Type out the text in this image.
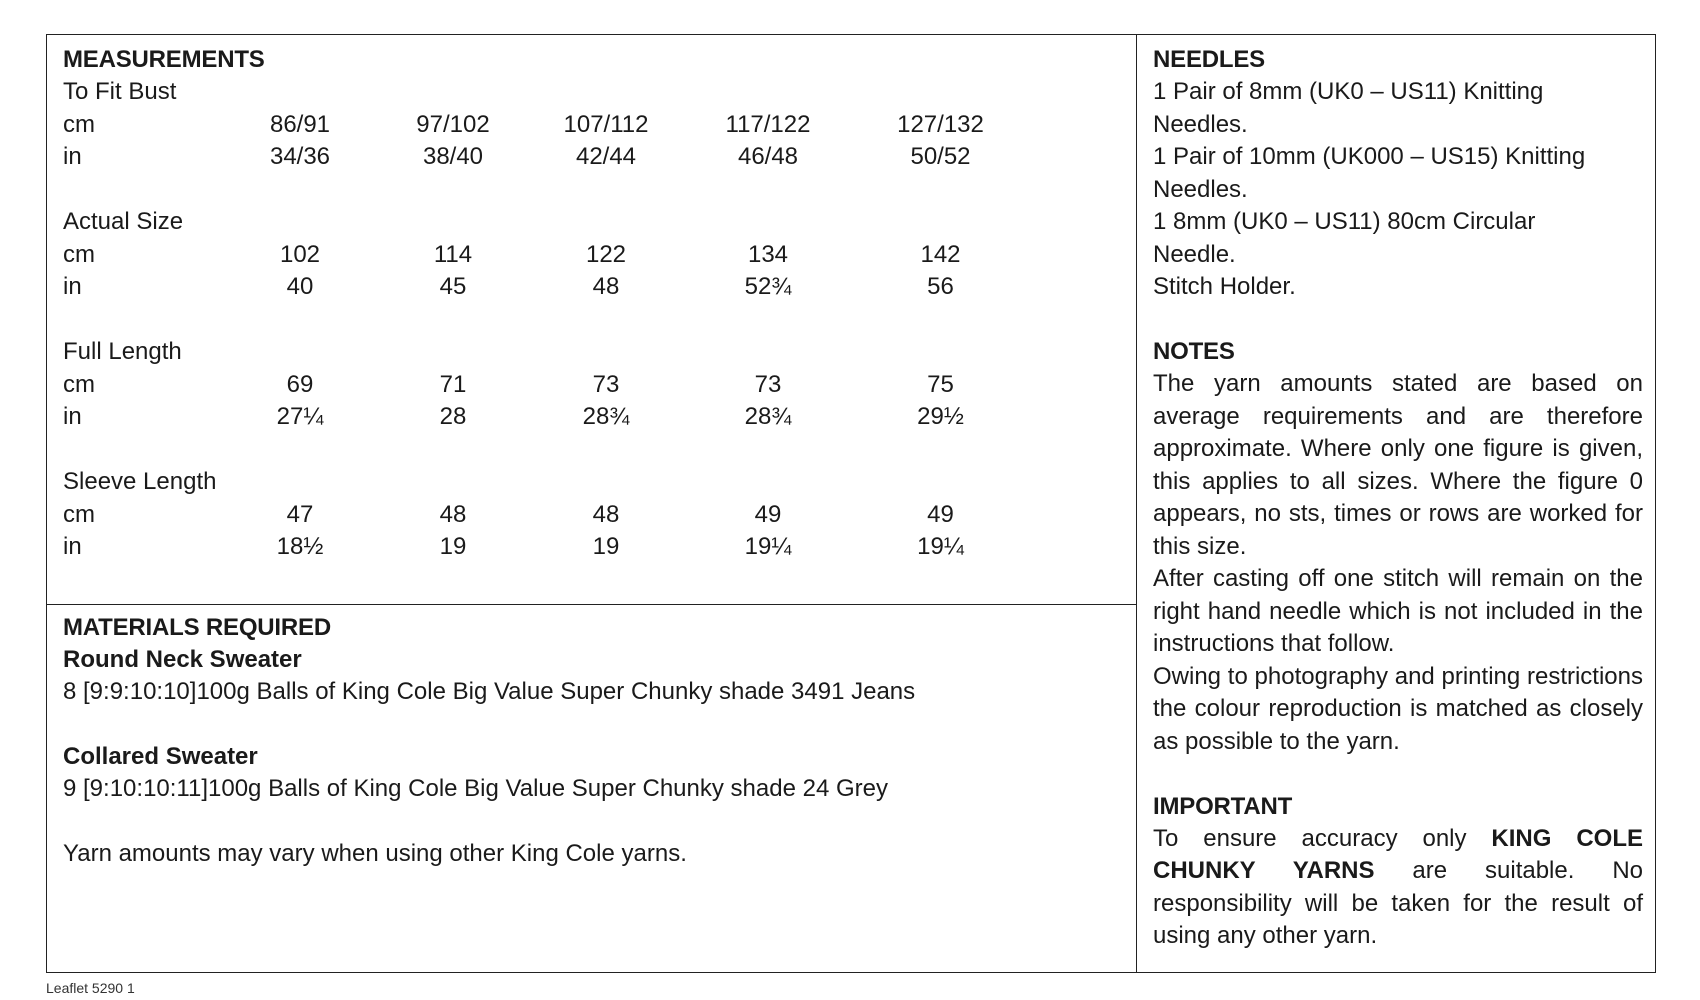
MEASUREMENTS
To Fit Bust
cm	86/91	97/102	107/112	117/122	127/132
in	34/36	38/40	42/44	46/48	50/52
Actual Size
cm	102	114	122	134	142
in	40	45	48	52¾	56
Full Length
cm	69	71	73	73	75
in	27¼	28	28¾	28¾	29½
Sleeve Length
cm	47	48	48	49	49
in	18½	19	19	19¼	19¼
MATERIALS REQUIRED
Round Neck Sweater
8 [9:9:10:10]100g Balls of King Cole Big Value Super Chunky shade 3491 Jeans
Collared Sweater
9 [9:10:10:11]100g Balls of King Cole Big Value Super Chunky shade 24 Grey
Yarn amounts may vary when using other King Cole yarns.
NEEDLES
1 Pair of 8mm (UK0 – US11) Knitting
Needles.
1 Pair of 10mm (UK000 – US15) Knitting
Needles.
1 8mm (UK0 – US11) 80cm Circular
Needle.
Stitch Holder.
NOTES
The yarn amounts stated are based on average requirements and are therefore approximate. Where only one figure is given, this applies to all sizes. Where the figure 0 appears, no sts, times or rows are worked for this size.
After casting off one stitch will remain on the right hand needle which is not included in the instructions that follow.
Owing to photography and printing restrictions the colour reproduction is matched as closely as possible to the yarn.
IMPORTANT
To ensure accuracy only KING COLE CHUNKY YARNS are suitable. No responsibility will be taken for the result of using any other yarn.
Leaflet 5290 1
